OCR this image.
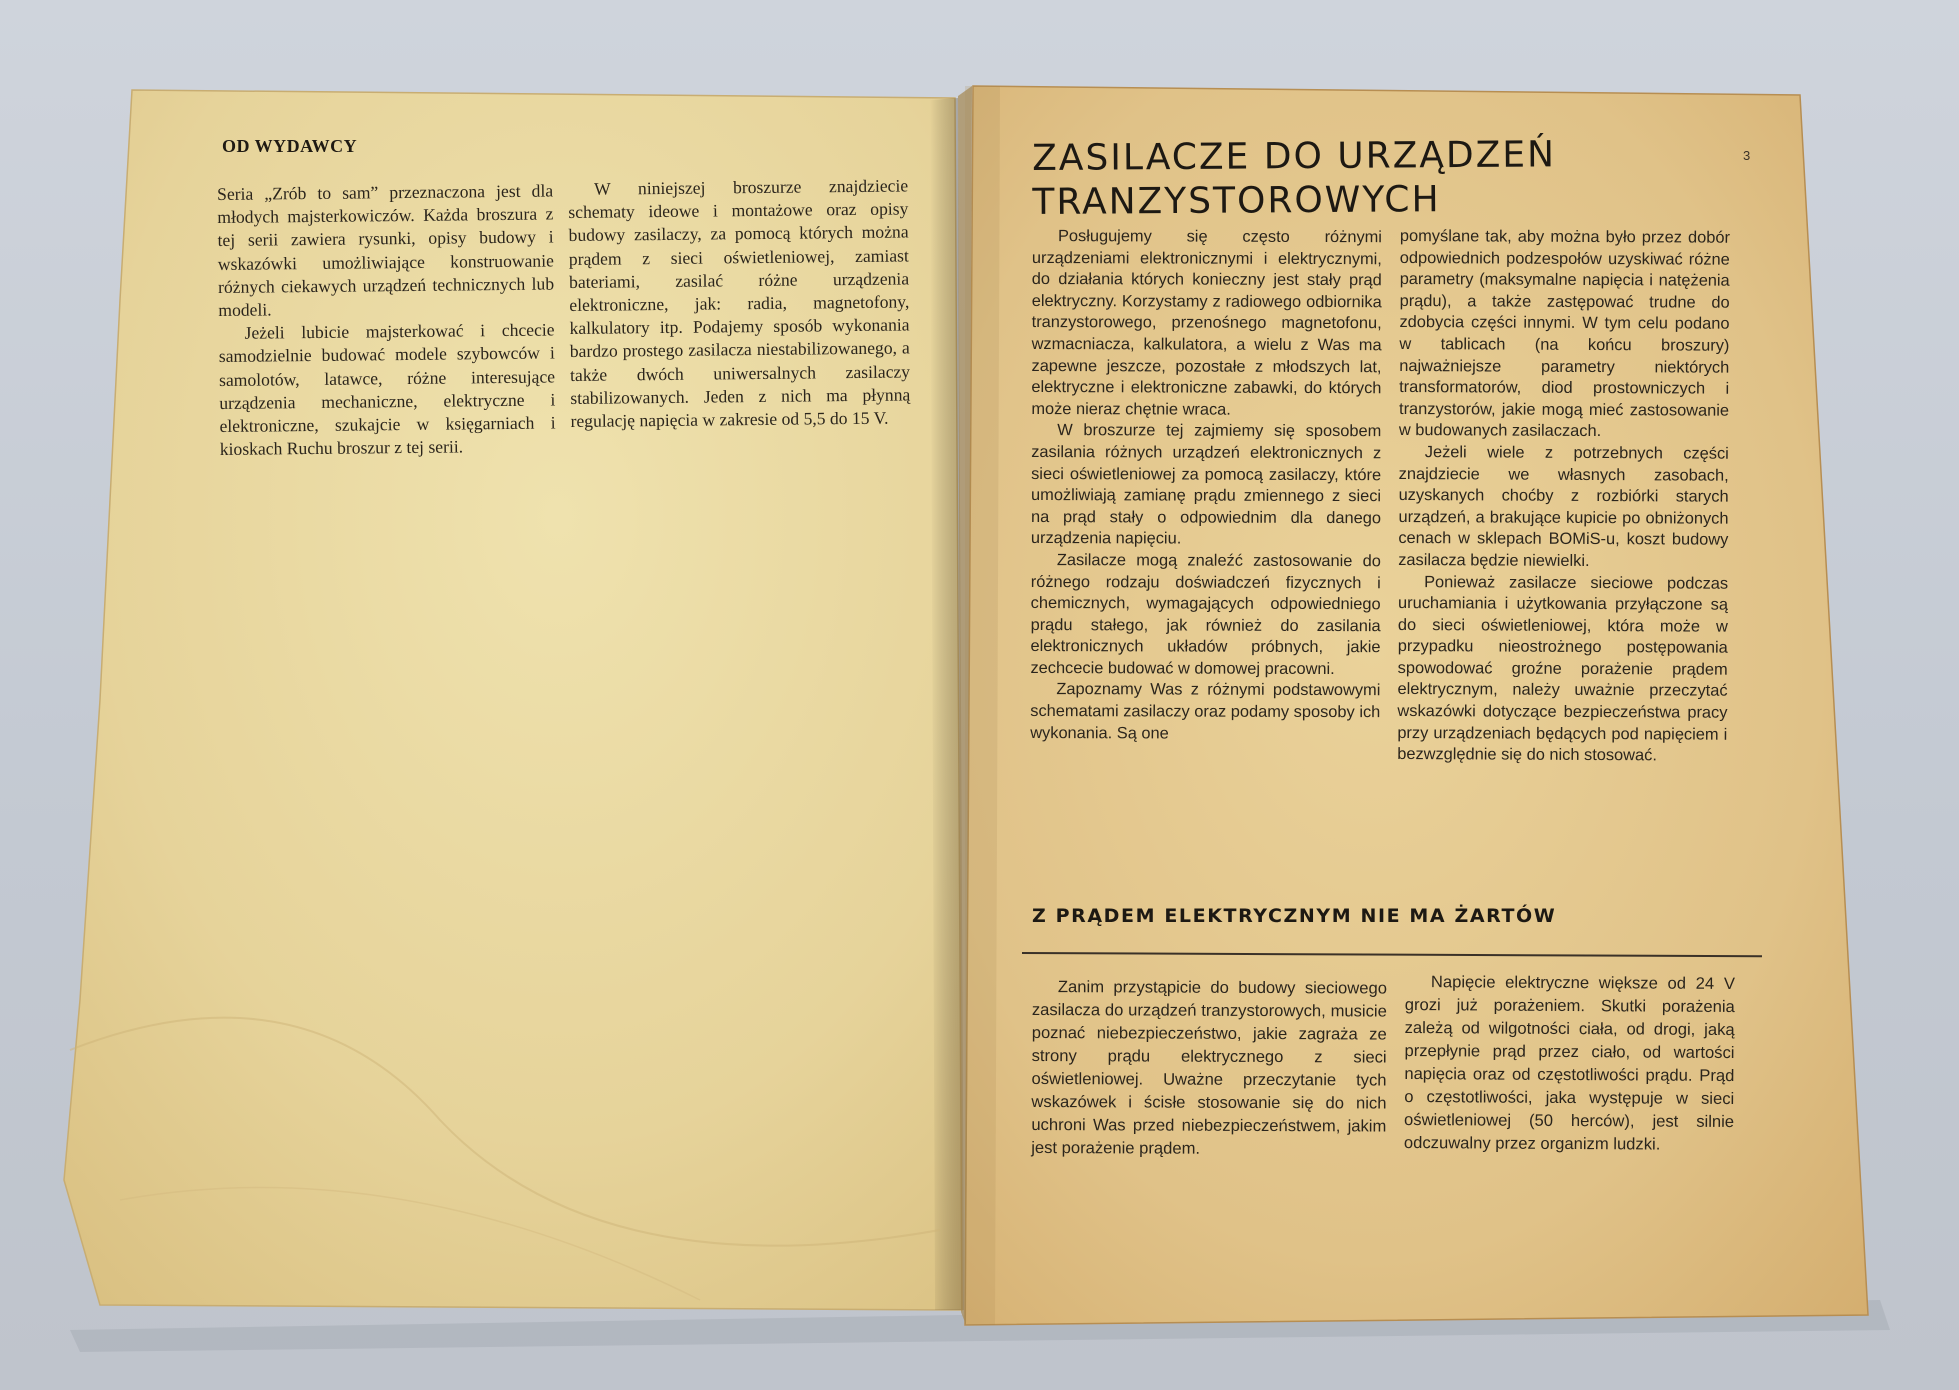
OD WYDAWCY

Seria „Zrób to sam” przeznaczona jest dla młodych majsterkowiczów. Każda broszura z tej serii zawiera rysunki, opisy budowy i wskazówki umożliwiające konstruowanie różnych ciekawych urządzeń technicznych lub modeli.

Jeżeli lubicie majsterkować i chcecie samodzielnie budować modele szybowców i samolotów, latawce, różne interesujące urządzenia mechaniczne, elektryczne i elektroniczne, szukajcie w księgarniach i kioskach Ruchu broszur z tej serii.

W niniejszej broszurze znajdziecie schematy ideowe i montażowe oraz opisy budowy zasilaczy, za pomocą których można prądem z sieci oświetleniowej, zamiast bateriami, zasilać różne urządzenia elektroniczne, jak: radia, magnetofony, kalkulatory itp. Podajemy sposób wykonania bardzo prostego zasilacza niestabilizowanego, a także dwóch uniwersalnych zasilaczy stabilizowanych. Jeden z nich ma płynną regulację napięcia w zakresie od 5,5 do 15 V.

ZASILACZE DO URZĄDZEŃ
TRANZYSTOROWYCH
3

Posługujemy się często różnymi urządzeniami elektronicznymi i elektrycznymi, do działania których konieczny jest stały prąd elektryczny. Korzystamy z radiowego odbiornika tranzystorowego, przenośnego magnetofonu, wzmacniacza, kalkulatora, a wielu z Was ma zapewne jeszcze, pozostałe z młodszych lat, elektryczne i elektroniczne zabawki, do których może nieraz chętnie wraca.

W broszurze tej zajmiemy się sposobem zasilania różnych urządzeń elektronicznych z sieci oświetleniowej za pomocą zasilaczy, które umożliwiają zamianę prądu zmiennego z sieci na prąd stały o odpowiednim dla danego urządzenia napięciu.

Zasilacze mogą znaleźć zastosowanie do różnego rodzaju doświadczeń fizycznych i chemicznych, wymagających odpowiedniego prądu stałego, jak również do zasilania elektronicznych układów próbnych, jakie zechcecie budować w domowej pracowni.

Zapoznamy Was z różnymi podstawowymi schematami zasilaczy oraz podamy sposoby ich wykonania. Są one

pomyślane tak, aby można było przez dobór odpowiednich podzespołów uzyskiwać różne parametry (maksymalne napięcia i natężenia prądu), a także zastępować trudne do zdobycia części innymi. W tym celu podano w tablicach (na końcu broszury) najważniejsze parametry niektórych transformatorów, diod prostowniczych i tranzystorów, jakie mogą mieć zastosowanie w budowanych zasilaczach.

Jeżeli wiele z potrzebnych części znajdziecie we własnych zasobach, uzyskanych choćby z rozbiórki starych urządzeń, a brakujące kupicie po obniżonych cenach w sklepach BOMiS-u, koszt budowy zasilacza będzie niewielki.

Ponieważ zasilacze sieciowe podczas uruchamiania i użytkowania przyłączone są do sieci oświetleniowej, która może w przypadku nieostrożnego postępowania spowodować groźne porażenie prądem elektrycznym, należy uważnie przeczytać wskazówki dotyczące bezpieczeństwa pracy przy urządzeniach będących pod napięciem i bezwzględnie się do nich stosować.

Z PRĄDEM ELEKTRYCZNYM NIE MA ŻARTÓW

Zanim przystąpicie do budowy sieciowego zasilacza do urządzeń tranzystorowych, musicie poznać niebezpieczeństwo, jakie zagraża ze strony prądu elektrycznego z sieci oświetleniowej. Uważne przeczytanie tych wskazówek i ścisłe stosowanie się do nich uchroni Was przed niebezpieczeństwem, jakim jest porażenie prądem.

Napięcie elektryczne większe od 24 V grozi już porażeniem. Skutki porażenia zależą od wilgotności ciała, od drogi, jaką przepłynie prąd przez ciało, od wartości napięcia oraz od częstotliwości prądu. Prąd o częstotliwości, jaka występuje w sieci oświetleniowej (50 herców), jest silnie odczuwalny przez organizm ludzki.
